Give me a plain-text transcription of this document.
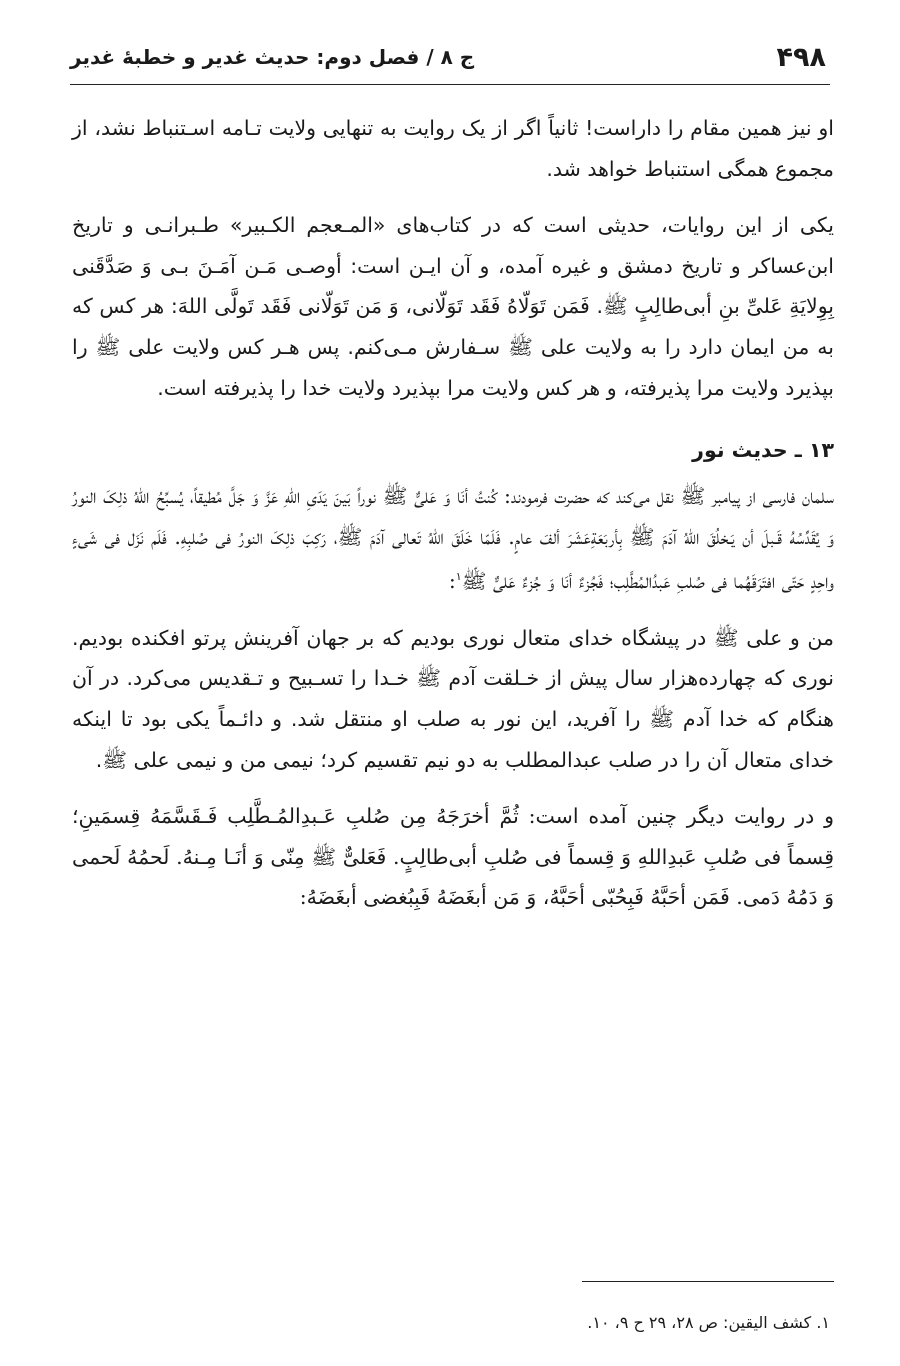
۴۹۸
ج ۸ / فصل دوم: حدیث غدیر و خطبهٔ غدیر

او نیز همین مقام را داراست! ثانیاً اگر از یک روایت به تنهایی ولایت تـامه اسـتنباط نشد، از مجموع همگی استنباط خواهد شد.

یکی از این روایات، حدیثی است که در کتاب‌های «المـعجم الکـبیر» طـبرانـی و تاریخ ابن‌عساکر و تاریخ دمشق و غیره آمده، و آن ایـن است: أوصـی مَـن آمَـنَ بـی وَ صَدَّقَنی بِوِلایَةِ عَلیِّ بنِ أبی‌طالِبٍ ﷺ. فَمَن تَوَلّاهُ فَقَد تَوَلّانی، وَ مَن تَوَلّانی فَقَد تَولَّی اللهَ: هر کس که به من ایمان دارد را به ولایت علی ﷺ سـفارش مـی‌کنم. پس هـر کس ولایت علی ﷺ را بپذیرد ولایت مرا پذیرفته، و هر کس ولایت مرا بپذیرد ولایت خدا را پذیرفته است.

۱۳ ـ حدیث نور

سلمان فارسی از پیامبر ﷺ نقل می‌کند که حضرت فرمودند: کُنتُ أنَا وَ عَلیٌّ ﷺ نوراً بَینَ یَدَیِ اللهِ عَزَّ وَ جَلَّ مُطیقاً، یُسبِّحُ اللهُ ذلِکَ النورُ وَ یُقَدِّسُهُ قَـبلَ أن یَـخلُقَ اللهُ آدَمَ ﷺ بِأربَعَةِعَشَرَ ألفَ عامٍ. فَلَمّا خَلَقَ اللهُ تَعالی آدَمَ ﷺ، رَکِبَ ذلِکَ النورُ فی صُلبِهِ. فَلَم نَزَل فی شَیءٍ واحِدٍ حَتّی افتَرَقَهُما فی صُلبِ عَبدُالمُطَّلِب؛ فَجُزءٌ أنَا وَ جُزءٌ عَلیٌّ ﷺ$^۱$:

من و علی ﷺ در پیشگاه خدای متعال نوری بودیم که بر جهان آفرینش پرتو افکنده بودیم. نوری که چهارده‌هزار سال پیش از خـلقت آدم ﷺ خـدا را تسـبیح و تـقدیس می‌کرد. در آن هنگام که خدا آدم ﷺ را آفرید، این نور به صلب او منتقل شد. و دائـماً یکی بود تا اینکه خدای متعال آن را در صلب عبدالمطلب به دو نیم تقسیم کرد؛ نیمی من و نیمی علی ﷺ.

و در روایت دیگر چنین آمده است: ثُمَّ أخرَجَهُ مِن صُلبِ عَـبدِالمُـطَّلِب فَـقَسَّمَهُ قِسمَینِ؛ قِسماً فی صُلبِ عَبدِاللهِ وَ قِسماً فی صُلبِ أبی‌طالِبٍ. فَعَلیٌّ ﷺ مِنّی وَ أنَـا مِـنهُ. لَحمُهُ لَحمی وَ دَمُهُ دَمی. فَمَن أحَبَّهُ فَبِحُبّی أحَبَّهُ، وَ مَن أبغَضَهُ فَبِبُغضی أبغَضَهُ:

۱. کشف الیقین: ص ۲۸، ۲۹ ح ۹، ۱۰.
